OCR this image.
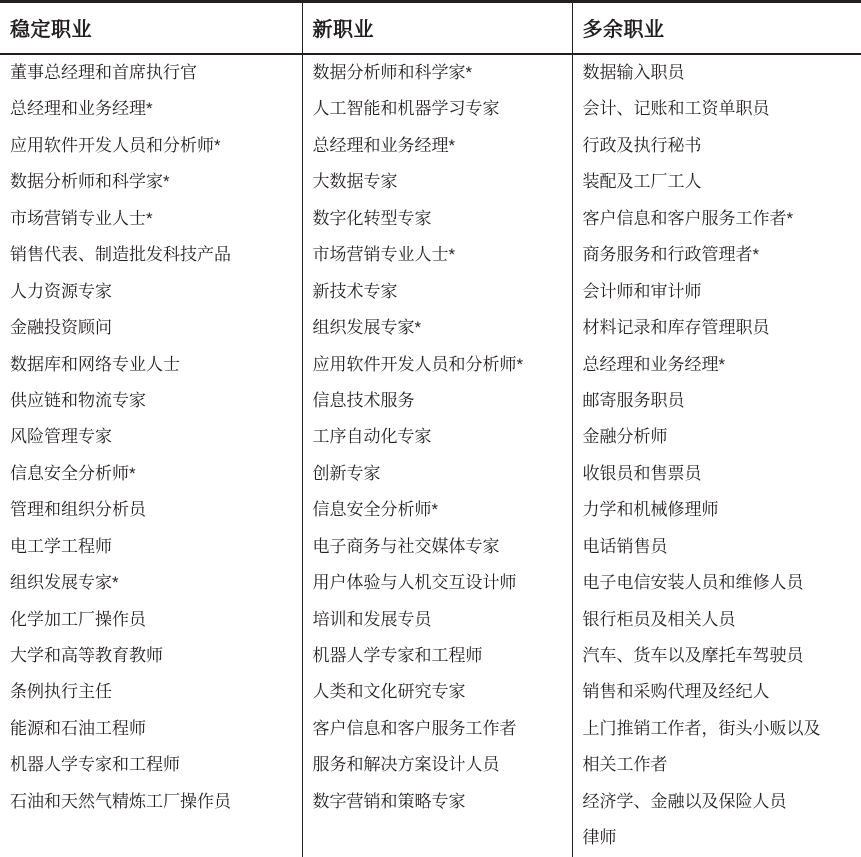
稳定职业	新职业	多余职业
董事总经理和首席执行官	数据分析师和科学家*	数据输入职员
总经理和业务经理*	人工智能和机器学习专家	会计、记账和工资单职员
应用软件开发人员和分析师*	总经理和业务经理*	行政及执行秘书
数据分析师和科学家*	大数据专家	装配及工厂工人
市场营销专业人士*	数字化转型专家	客户信息和客户服务工作者*
销售代表、制造批发科技产品	市场营销专业人士*	商务服务和行政管理者*
人力资源专家	新技术专家	会计师和审计师
金融投资顾问	组织发展专家*	材料记录和库存管理职员
数据库和网络专业人士	应用软件开发人员和分析师*	总经理和业务经理*
供应链和物流专家	信息技术服务	邮寄服务职员
风险管理专家	工序自动化专家	金融分析师
信息安全分析师*	创新专家	收银员和售票员
管理和组织分析员	信息安全分析师*	力学和机械修理师
电工学工程师	电子商务与社交媒体专家	电话销售员
组织发展专家*	用户体验与人机交互设计师	电子电信安装人员和维修人员
化学加工厂操作员	培训和发展专员	银行柜员及相关人员
大学和高等教育教师	机器人学专家和工程师	汽车、货车以及摩托车驾驶员
条例执行主任	人类和文化研究专家	销售和采购代理及经纪人
能源和石油工程师	客户信息和客户服务工作者	上门推销工作者，街头小贩以及
机器人学专家和工程师	服务和解决方案设计人员	相关工作者
石油和天然气精炼工厂操作员	数字营销和策略专家	经济学、金融以及保险人员
		律师
